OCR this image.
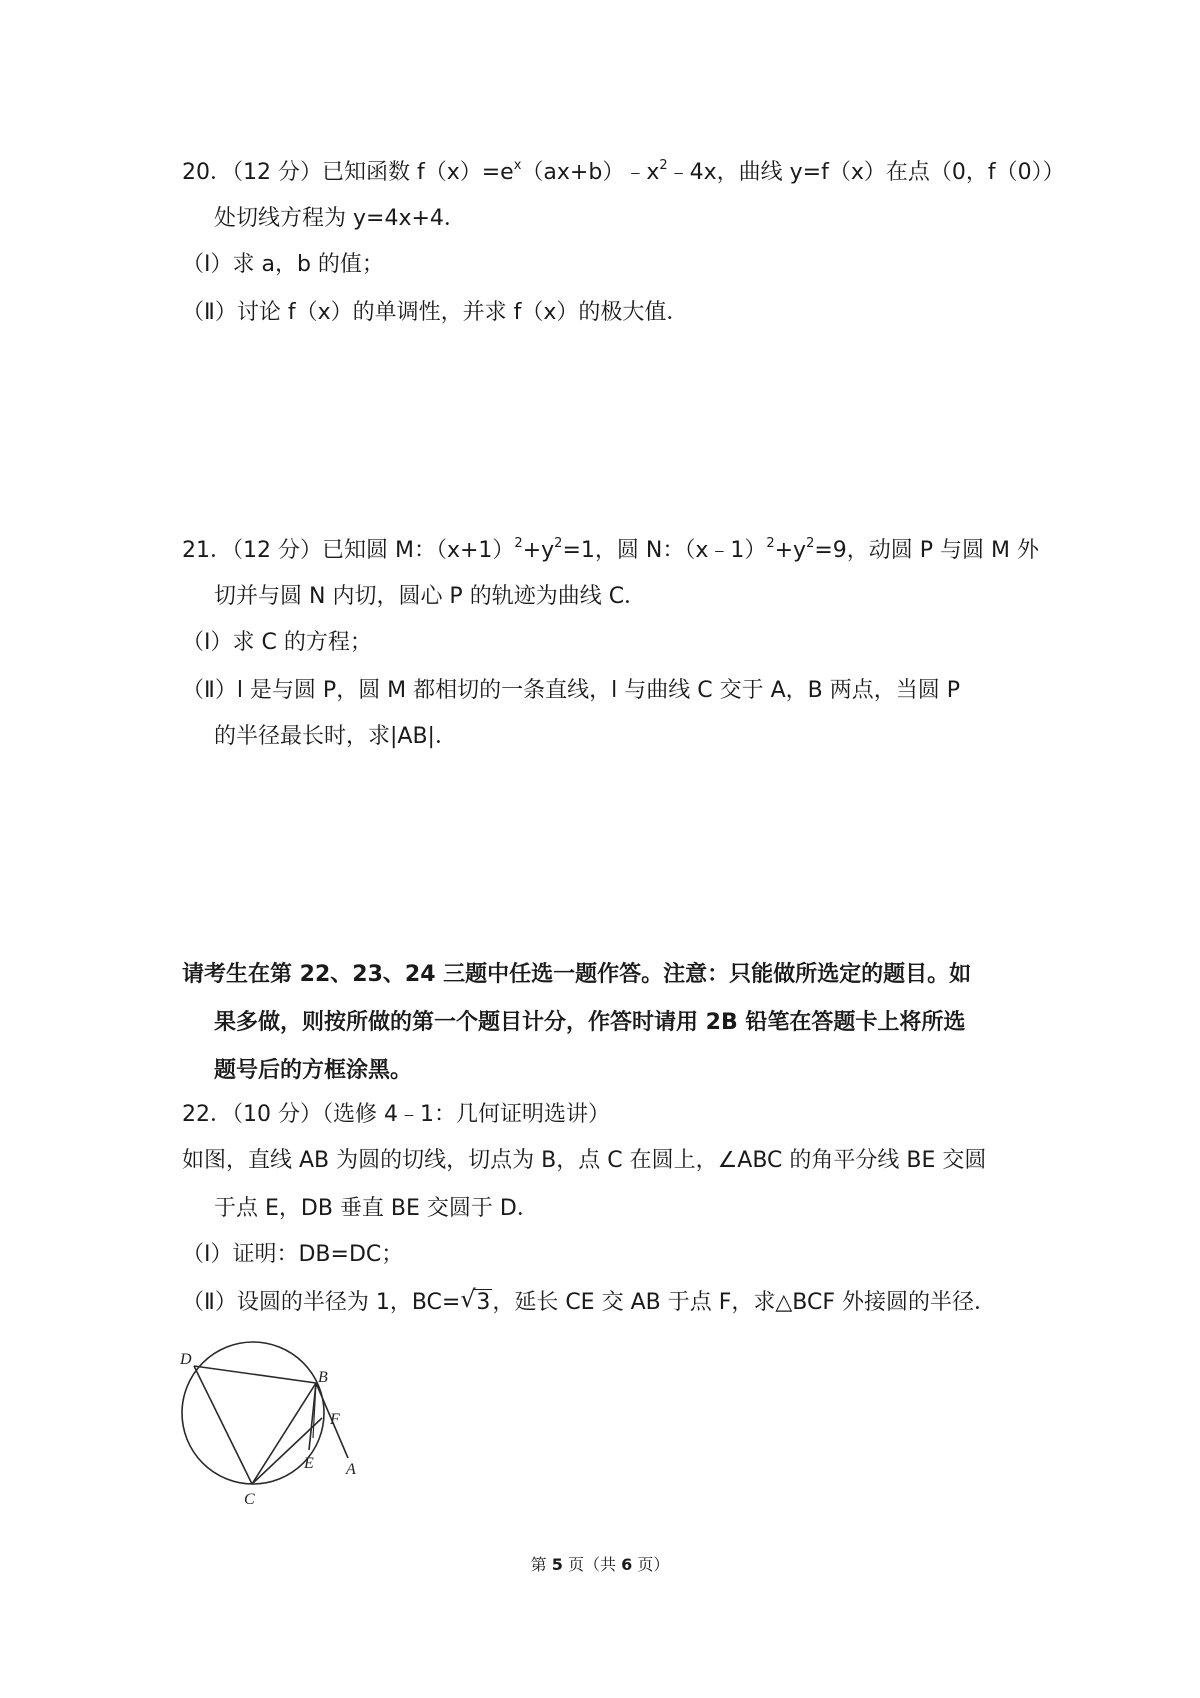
20．（12 分）已知函数 $f(x)=e^x(ax+b)﹣x^2﹣4x$，曲线 y=f（x）在点（0，f（0））
处切线方程为 y=4x+4．
（Ⅰ）求 a，b 的值；
（Ⅱ）讨论 f（x）的单调性，并求 f（x）的极大值．
21．（12 分）已知圆 M：$(x+1)^2+y^2=1$，圆 N：$(x﹣1)^2+y^2=9$，动圆 P 与圆 M 外
切并与圆 N 内切，圆心 P 的轨迹为曲线 C．
（Ⅰ）求 C 的方程；
（Ⅱ）l 是与圆 P，圆 M 都相切的一条直线，l 与曲线 C 交于 A，B 两点，当圆 P
的半径最长时，求|AB|．
请考生在第 22、23、24 三题中任选一题作答。注意：只能做所选定的题目。如
果多做，则按所做的第一个题目计分，作答时请用 2B 铅笔在答题卡上将所选
题号后的方框涂黑。
22．（10 分）（选修 4﹣1：几何证明选讲）
如图，直线 AB 为圆的切线，切点为 B，点 C 在圆上，∠ABC 的角平分线 BE 交圆
于点 E，DB 垂直 BE 交圆于 D．
（Ⅰ）证明：DB=DC；
（Ⅱ）设圆的半径为 1，BC= √ 3，延长 CE 交 AB 于点 F，求△BCF 外接圆的半径．
D
B
F
E A
C
第 5 页（共 6 页）
